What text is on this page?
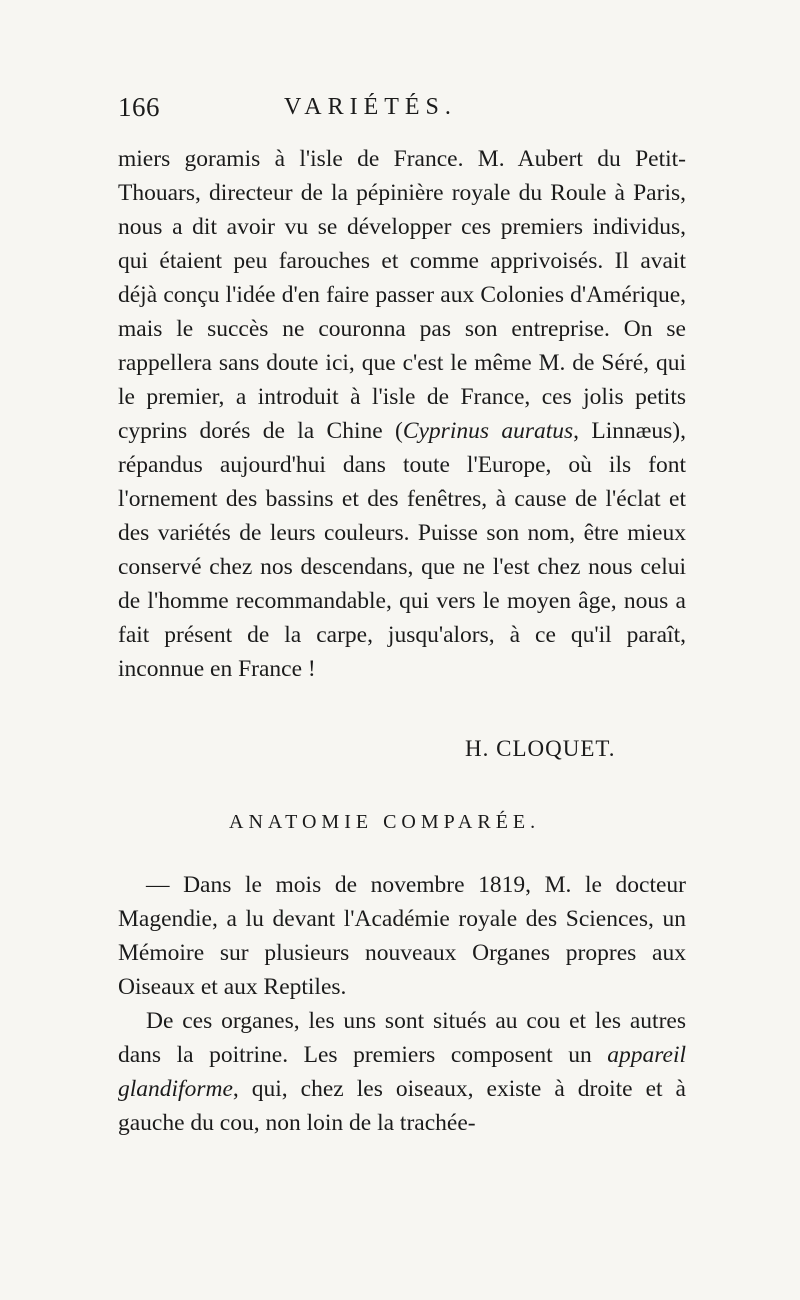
166	VARIÉTÉS.

miers goramis à l'isle de France. M. Aubert du Petit-Thouars, directeur de la pépinière royale du Roule à Paris, nous a dit avoir vu se développer ces premiers individus, qui étaient peu farouches et comme apprivoisés. Il avait déjà conçu l'idée d'en faire passer aux Colonies d'Amérique, mais le succès ne couronna pas son entreprise. On se rappellera sans doute ici, que c'est le même M. de Séré, qui le premier, a introduit à l'isle de France, ces jolis petits cyprins dorés de la Chine (Cyprinus auratus, Linnæus), répandus aujourd'hui dans toute l'Europe, où ils font l'ornement des bassins et des fenêtres, à cause de l'éclat et des variétés de leurs couleurs. Puisse son nom, être mieux conservé chez nos descendans, que ne l'est chez nous celui de l'homme recommandable, qui vers le moyen âge, nous a fait présent de la carpe, jusqu'alors, à ce qu'il paraît, inconnue en France !

H. CLOQUET.
ANATOMIE COMPARÉE.

— Dans le mois de novembre 1819, M. le docteur Magendie, a lu devant l'Académie royale des Sciences, un Mémoire sur plusieurs nouveaux Organes propres aux Oiseaux et aux Reptiles.

De ces organes, les uns sont situés au cou et les autres dans la poitrine. Les premiers composent un appareil glandiforme, qui, chez les oiseaux, existe à droite et à gauche du cou, non loin de la trachée-
